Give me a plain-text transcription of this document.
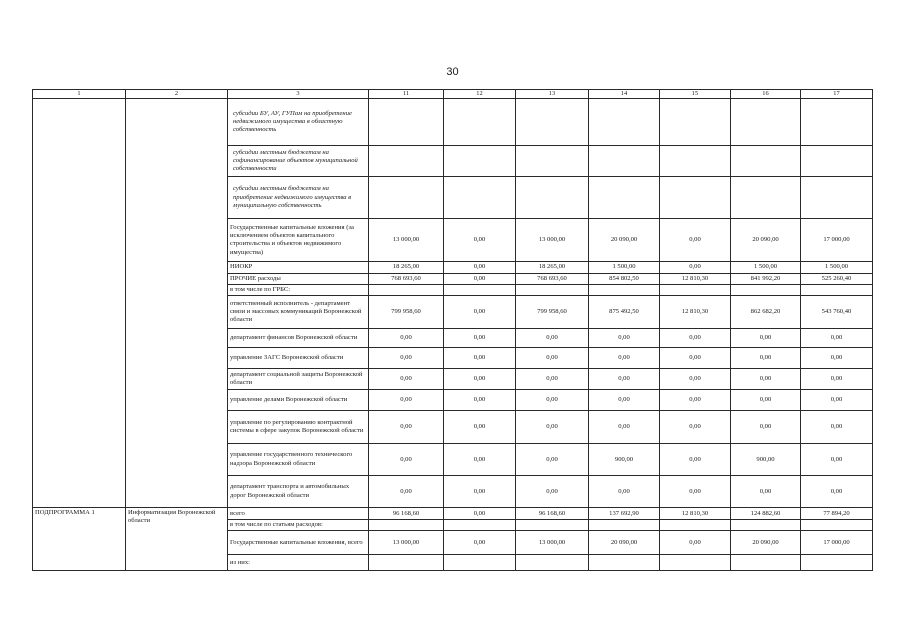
30
1	2	3	11	12	13	14	15	16	17
		субсидии БУ, АУ, ГУПам на приобретение недвижимого имущества в областную собственность							
		субсидии местным бюджетам на софинансирование объектов муниципальной собственности							
		субсидии местным бюджетам на приобретение недвижимого имущества в муниципальную собственность							
		Государственные капитальные вложения (за исключением объектов капитального строительства и объектов недвижимого имущества)	13 000,00	0,00	13 000,00	20 090,00	0,00	20 090,00	17 000,00
		НИОКР	18 265,00	0,00	18 265,00	1 500,00	0,00	1 500,00	1 500,00
		ПРОЧИЕ расходы	768 693,60	0,00	768 693,60	854 802,50	12 810,30	841 992,20	525 260,40
		в том числе по ГРБС:							
		ответственный исполнитель - департамент связи и массовых коммуникаций Воронежской области	799 958,60	0,00	799 958,60	875 492,50	12 810,30	862 682,20	543 760,40
		департамент финансов Воронежской области	0,00	0,00	0,00	0,00	0,00	0,00	0,00
		управление ЗАГС Воронежской области	0,00	0,00	0,00	0,00	0,00	0,00	0,00
		департамент социальной защиты Воронежской области	0,00	0,00	0,00	0,00	0,00	0,00	0,00
		управление делами Воронежской области	0,00	0,00	0,00	0,00	0,00	0,00	0,00
		управление по регулированию контрактной системы в сфере закупок Воронежской области	0,00	0,00	0,00	0,00	0,00	0,00	0,00
		управление государственного технического надзора Воронежской области	0,00	0,00	0,00	900,00	0,00	900,00	0,00
		департамент транспорта и автомобильных дорог Воронежской области	0,00	0,00	0,00	0,00	0,00	0,00	0,00
ПОДПРОГРАММА 1	Информатизация Воронежской области	всего	96 168,60	0,00	96 168,60	137 692,90	12 810,30	124 882,60	77 894,20
		в том числе по статьям расходов:							
		Государственные капитальные вложения, всего	13 000,00	0,00	13 000,00	20 090,00	0,00	20 090,00	17 000,00
		из них:							
